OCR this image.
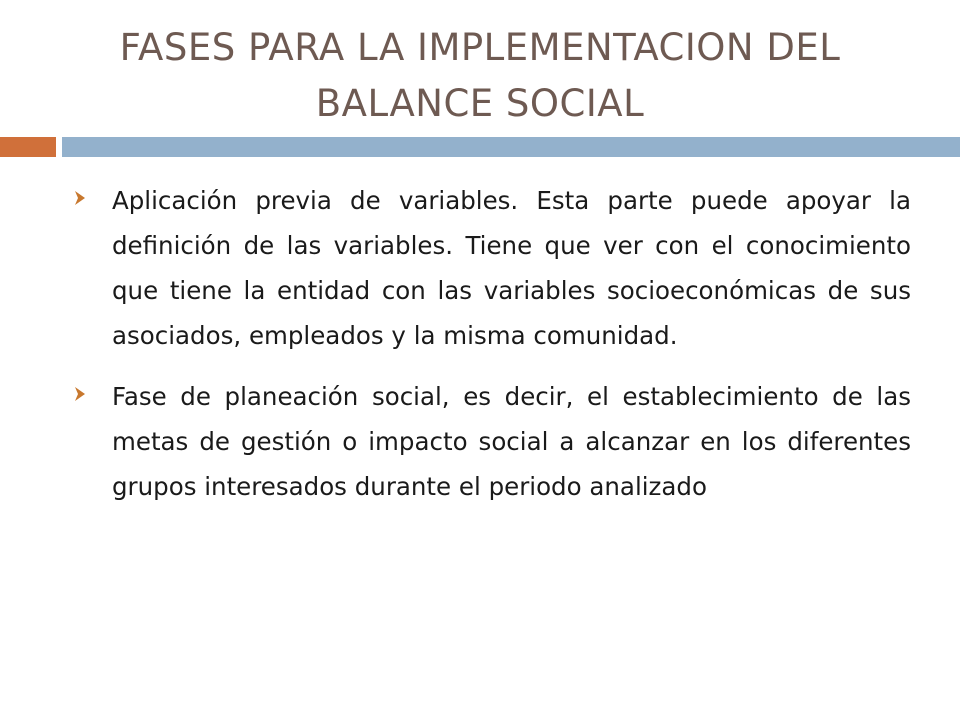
FASES PARA LA IMPLEMENTACION DEL
BALANCE SOCIAL
Aplicación previa de variables. Esta parte puede apoyar la definición de las variables. Tiene que ver con el conocimiento que tiene la entidad con las variables socioeconómicas de sus asociados, empleados y la misma comunidad.
Fase de planeación social, es decir, el establecimiento de las metas de gestión o impacto social a alcanzar en los diferentes grupos interesados durante el periodo analizado
